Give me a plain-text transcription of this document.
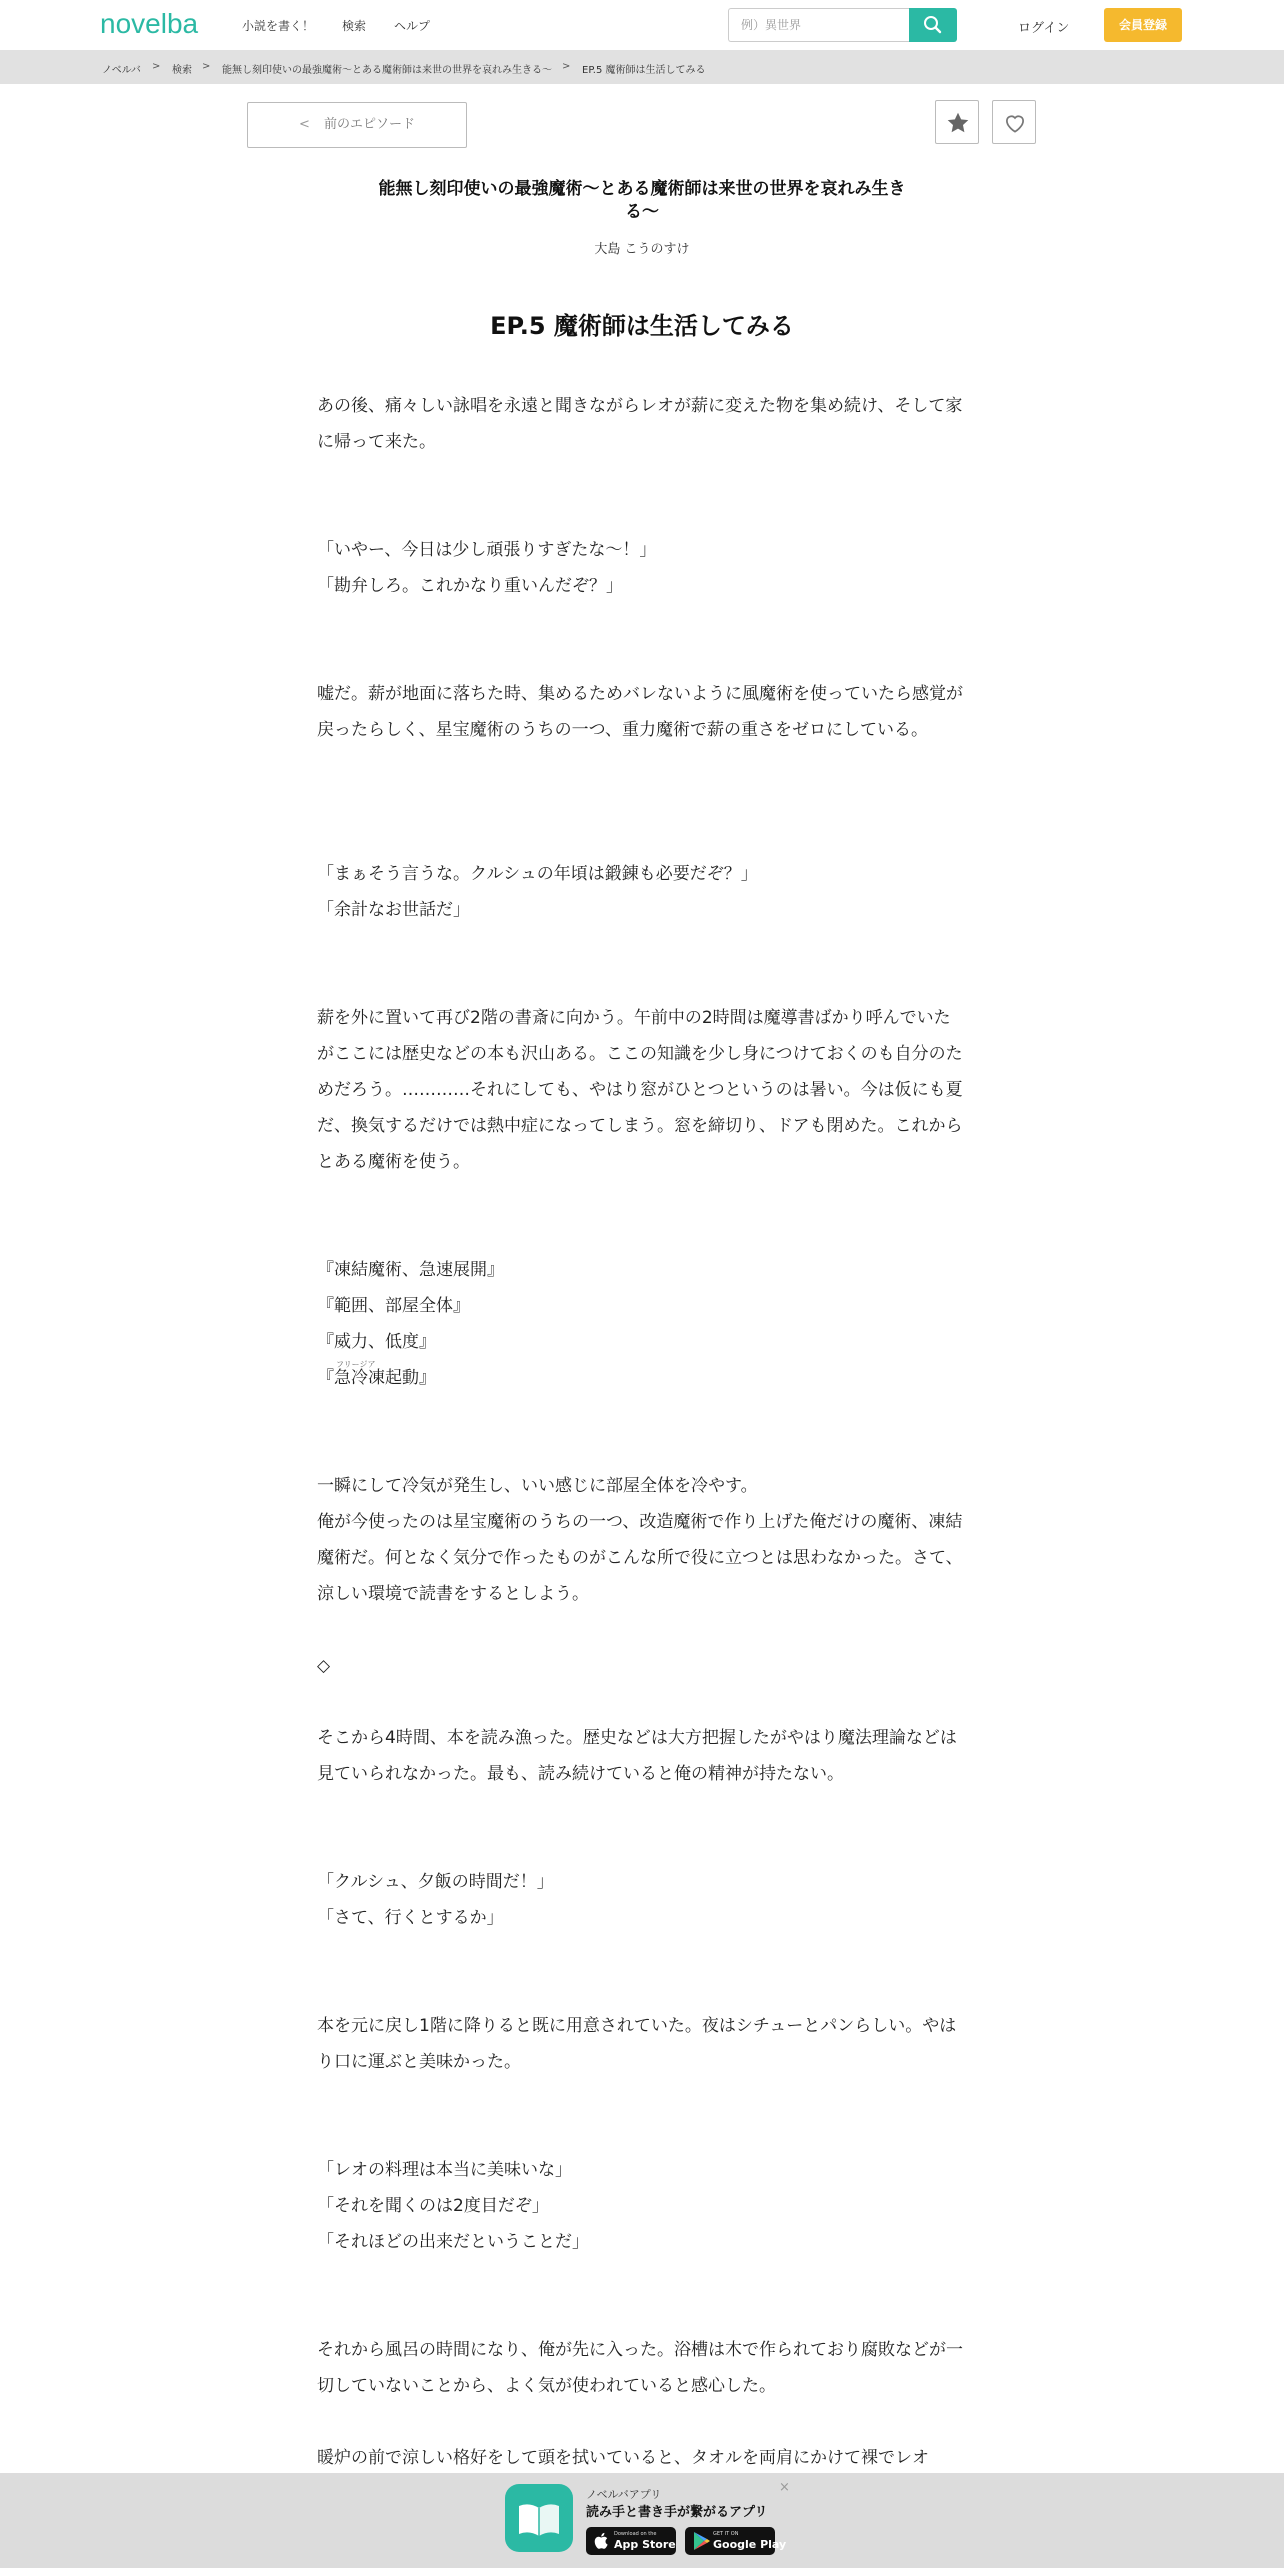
novelba	小説を書く！ 検索 ヘルプ
例）異世界	ログイン	会員登録
ノベルバ > 検索 > 能無し刻印使いの最強魔術〜とある魔術師は来世の世界を哀れみ生きる〜 > EP.5 魔術師は生活してみる
< 前のエピソード
能無し刻印使いの最強魔術〜とある魔術師は来世の世界を哀れみ生きる〜
大島 こうのすけ
EP.5 魔術師は生活してみる
あの後、痛々しい詠唱を永遠と聞きながらレオが薪に変えた物を集め続け、そして家に帰って来た。
「いやー、今日は少し頑張りすぎたな〜！」
「勘弁しろ。これかなり重いんだぞ？」
嘘だ。薪が地面に落ちた時、集めるためバレないように風魔術を使っていたら感覚が戻ったらしく、星宝魔術のうちの一つ、重力魔術で薪の重さをゼロにしている。
「まぁそう言うな。クルシュの年頃は鍛錬も必要だぞ？」
「余計なお世話だ」
薪を外に置いて再び2階の書斎に向かう。午前中の2時間は魔導書ばかり呼んでいたがここには歴史などの本も沢山ある。ここの知識を少し身につけておくのも自分のためだろう。…………それにしても、やはり窓がひとつというのは暑い。今は仮にも夏だ、換気するだけでは熱中症になってしまう。窓を締切り、ドアも閉めた。これからとある魔術を使う。
『凍結魔術、急速展開』
『範囲、部屋全体』
『威力、低度』
『急冷凍起動』
フリージア
一瞬にして冷気が発生し、いい感じに部屋全体を冷やす。
俺が今使ったのは星宝魔術のうちの一つ、改造魔術で作り上げた俺だけの魔術、凍結魔術だ。何となく気分で作ったものがこんな所で役に立つとは思わなかった。さて、涼しい環境で読書をするとしよう。
◇
そこから4時間、本を読み漁った。歴史などは大方把握したがやはり魔法理論などは見ていられなかった。最も、読み続けていると俺の精神が持たない。
「クルシュ、夕飯の時間だ！」
「さて、行くとするか」
本を元に戻し1階に降りると既に用意されていた。夜はシチューとパンらしい。やはり口に運ぶと美味かった。
「レオの料理は本当に美味いな」
「それを聞くのは2度目だぞ」
「それほどの出来だということだ」
それから風呂の時間になり、俺が先に入った。浴槽は木で作られており腐敗などが一切していないことから、よく気が使われていると感心した。
暖炉の前で涼しい格好をして頭を拭いていると、タオルを両肩にかけて裸でレオ
ノベルバアプリ
読み手と書き手が繋がるアプリ
Download on the
App Store
GET IT ON
Google Play
×
